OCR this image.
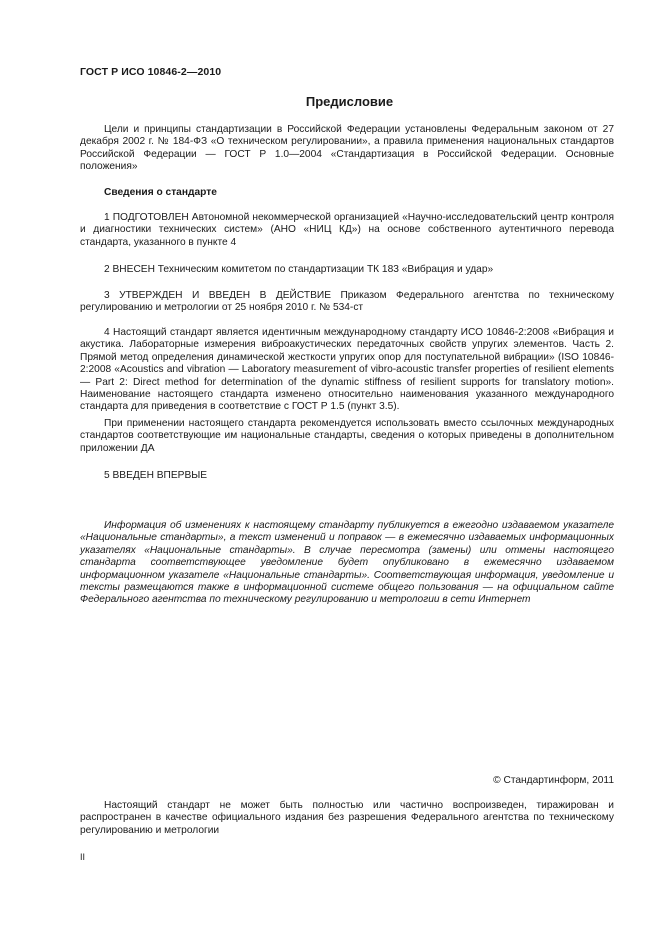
ГОСТ Р ИСО 10846-2—2010
Предисловие
Цели и принципы стандартизации в Российской Федерации установлены Федеральным законом от 27 декабря 2002 г. № 184-ФЗ «О техническом регулировании», а правила применения национальных стандартов Российской Федерации — ГОСТ Р 1.0—2004 «Стандартизация в Российской Федерации. Основные положения»
Сведения о стандарте
1 ПОДГОТОВЛЕН Автономной некоммерческой организацией «Научно-исследовательский центр контроля и диагностики технических систем» (АНО «НИЦ КД») на основе собственного аутентичного перевода стандарта, указанного в пункте 4
2 ВНЕСЕН Техническим комитетом по стандартизации ТК 183 «Вибрация и удар»
3 УТВЕРЖДЕН И ВВЕДЕН В ДЕЙСТВИЕ Приказом Федерального агентства по техническому регулированию и метрологии от 25 ноября 2010 г. № 534-ст
4 Настоящий стандарт является идентичным международному стандарту ИСО 10846-2:2008 «Вибрация и акустика. Лабораторные измерения виброакустических передаточных свойств упругих элементов. Часть 2. Прямой метод определения динамической жесткости упругих опор для поступательной вибрации» (ISO 10846-2:2008 «Acoustics and vibration — Laboratory measurement of vibro-acoustic transfer properties of resilient elements — Part 2: Direct method for determination of the dynamic stiffness of resilient supports for translatory motion». Наименование настоящего стандарта изменено относительно наименования указанного международного стандарта для приведения в соответствие с ГОСТ Р 1.5 (пункт 3.5).
При применении настоящего стандарта рекомендуется использовать вместо ссылочных международных стандартов соответствующие им национальные стандарты, сведения о которых приведены в дополнительном приложении ДА
5 ВВЕДЕН ВПЕРВЫЕ
Информация об изменениях к настоящему стандарту публикуется в ежегодно издаваемом указателе «Национальные стандарты», а текст изменений и поправок — в ежемесячно издаваемых информационных указателях «Национальные стандарты». В случае пересмотра (замены) или отмены настоящего стандарта соответствующее уведомление будет опубликовано в ежемесячно издаваемом информационном указателе «Национальные стандарты». Соответствующая информация, уведомление и тексты размещаются также в информационной системе общего пользования — на официальном сайте Федерального агентства по техническому регулированию и метрологии в сети Интернет
© Стандартинформ, 2011
Настоящий стандарт не может быть полностью или частично воспроизведен, тиражирован и распространен в качестве официального издания без разрешения Федерального агентства по техническому регулированию и метрологии
II
